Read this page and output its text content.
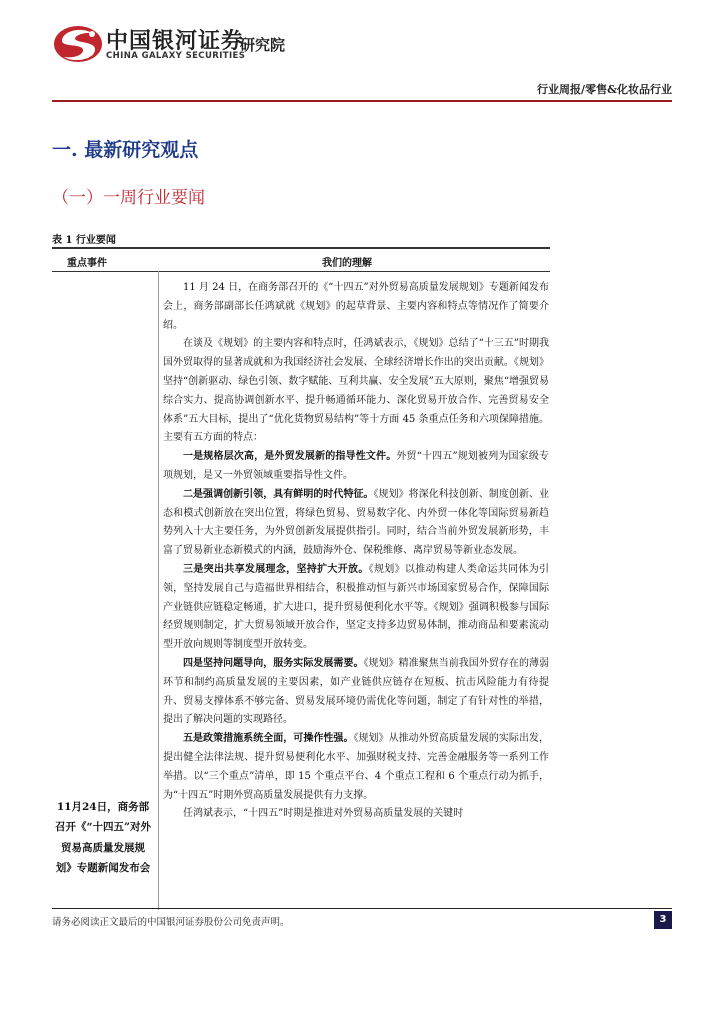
中国银河证券
CHINA GALAXY SECURITIES
研究院
行业周报/零售&化妆品行业
一. 最新研究观点
（一）一周行业要闻
表 1 行业要闻
重点事件	我们的理解
11月24日，商务部召开《“十四五”对外贸易高质量发展规划》专题新闻发布会

11 月 24 日，在商务部召开的《“十四五”对外贸易高质量发展规划》专题新闻发布会上，商务部副部长任鸿斌就《规划》的起草背景、主要内容和特点等情况作了简要介绍。

在谈及《规划》的主要内容和特点时，任鸿斌表示，《规划》总结了“十三五”时期我国外贸取得的显著成就和为我国经济社会发展、全球经济增长作出的突出贡献。《规划》坚持“创新驱动、绿色引领、数字赋能、互利共赢、安全发展”五大原则，聚焦“增强贸易综合实力、提高协调创新水平、提升畅通循环能力、深化贸易开放合作、完善贸易安全体系”五大目标，提出了“优化货物贸易结构”等十方面 45 条重点任务和六项保障措施。主要有五方面的特点：

一是规格层次高，是外贸发展新的指导性文件。外贸“十四五”规划被列为国家级专项规划，是又一外贸领域重要指导性文件。

二是强调创新引领，具有鲜明的时代特征。《规划》将深化科技创新、制度创新、业态和模式创新放在突出位置，将绿色贸易、贸易数字化、内外贸一体化等国际贸易新趋势列入十大主要任务，为外贸创新发展提供指引。同时，结合当前外贸发展新形势，丰富了贸易新业态新模式的内涵，鼓励海外仓、保税维修、离岸贸易等新业态发展。

三是突出共享发展理念，坚持扩大开放。《规划》以推动构建人类命运共同体为引领，坚持发展自己与造福世界相结合，积极推动恒与新兴市场国家贸易合作，保障国际产业链供应链稳定畅通，扩大进口，提升贸易便利化水平等。《规划》强调积极参与国际经贸规则制定，扩大贸易领域开放合作，坚定支持多边贸易体制，推动商品和要素流动型开放向规则等制度型开放转变。

四是坚持问题导向，服务实际发展需要。《规划》精准聚焦当前我国外贸存在的薄弱环节和制约高质量发展的主要因素，如产业链供应链存在短板、抗击风险能力有待提升、贸易支撑体系不够完备、贸易发展环境仍需优化等问题，制定了有针对性的举措，提出了解决问题的实现路径。

五是政策措施系统全面，可操作性强。《规划》从推动外贸高质量发展的实际出发，提出健全法律法规、提升贸易便利化水平、加强财税支持、完善金融服务等一系列工作举措。以“三个重点”清单，即 15 个重点平台、4 个重点工程和 6 个重点行动为抓手，为“十四五”时期外贸高质量发展提供有力支撑。

任鸿斌表示，“十四五”时期是推进对外贸易高质量发展的关键时

请务必阅读正文最后的中国银河证券股份公司免责声明。	3
